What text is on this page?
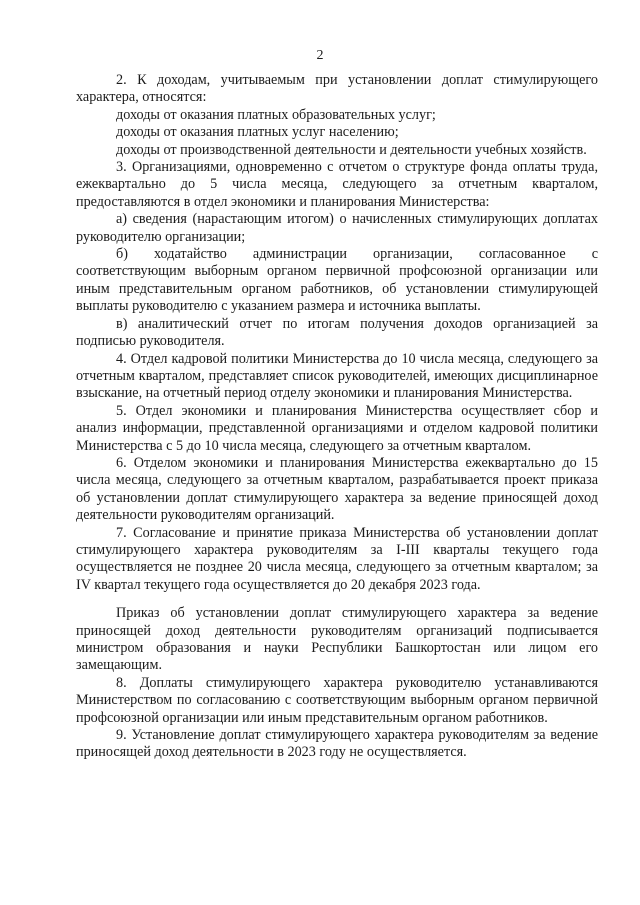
2

2. К доходам, учитываемым при установлении доплат стимулирующего характера, относятся:

доходы от оказания платных образовательных услуг;

доходы от оказания платных услуг населению;

доходы от производственной деятельности и деятельности учебных хозяйств.

3. Организациями, одновременно с отчетом о структуре фонда оплаты труда, ежеквартально до 5 числа месяца, следующего за отчетным кварталом, предоставляются в отдел экономики и планирования Министерства:

а) сведения (нарастающим итогом) о начисленных стимулирующих доплатах руководителю организации;

б) ходатайство администрации организации, согласованное с соответствующим выборным органом первичной профсоюзной организации или иным представительным органом работников, об установлении стимулирующей выплаты руководителю с указанием размера и источника выплаты.

в) аналитический отчет по итогам получения доходов организацией за подписью руководителя.

4. Отдел кадровой политики Министерства до 10 числа месяца, следующего за отчетным кварталом, представляет список руководителей, имеющих дисциплинарное взыскание, на отчетный период отделу экономики и планирования Министерства.

5. Отдел экономики и планирования Министерства осуществляет сбор и анализ информации, представленной организациями и отделом кадровой политики Министерства с 5 до 10 числа месяца, следующего за отчетным кварталом.

6. Отделом экономики и планирования Министерства ежеквартально до 15 числа месяца, следующего за отчетным кварталом, разрабатывается проект приказа об установлении доплат стимулирующего характера за ведение приносящей доход деятельности руководителям организаций.

7. Согласование и принятие приказа Министерства об установлении доплат стимулирующего характера руководителям за I-III кварталы текущего года осуществляется не позднее 20 числа месяца, следующего за отчетным кварталом; за IV квартал текущего года осуществляется до 20 декабря 2023 года.

Приказ об установлении доплат стимулирующего характера за ведение приносящей доход деятельности руководителям организаций подписывается министром образования и науки Республики Башкортостан или лицом его замещающим.

8. Доплаты стимулирующего характера руководителю устанавливаются Министерством по согласованию с соответствующим выборным органом первичной профсоюзной организации или иным представительным органом работников.

9. Установление доплат стимулирующего характера руководителям за ведение приносящей доход деятельности в 2023 году не осуществляется.
